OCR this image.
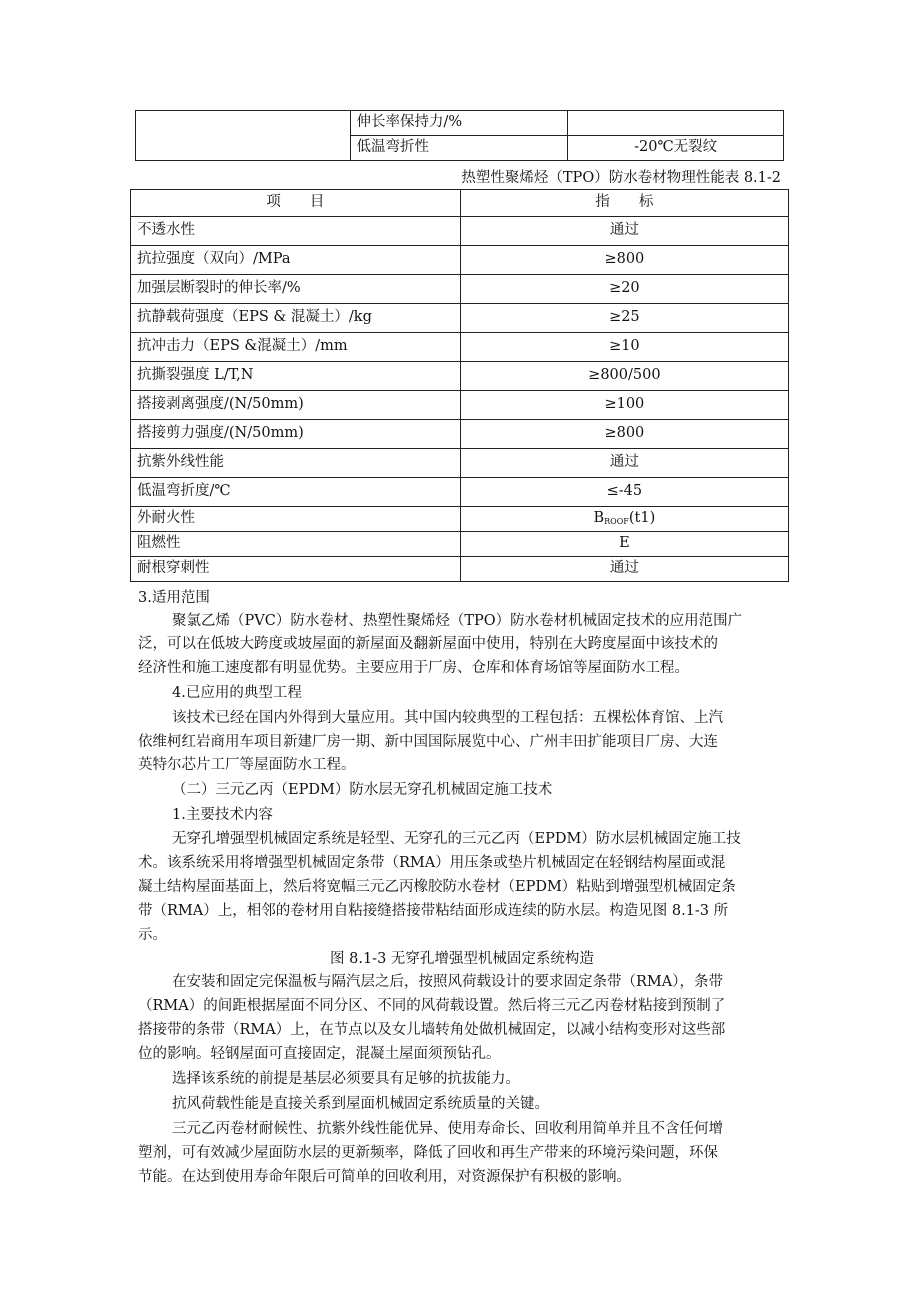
	伸长率保持力/%	
	低温弯折性	-20℃无裂纹
热塑性聚烯烃（TPO）防水卷材物理性能表 8.1-2
项　　目	指　　标
不透水性	通过
抗拉强度（双向）/MPa	≥800
加强层断裂时的伸长率/%	≥20
抗静载荷强度（EPS & 混凝土）/kg	≥25
抗冲击力（EPS &混凝土）/mm	≥10
抗撕裂强度 L/T,N	≥800/500
搭接剥离强度/(N/50mm)	≥100
搭接剪力强度/(N/50mm)	≥800
抗紫外线性能	通过
低温弯折度/℃	≤-45
外耐火性	$B_{ROOF}(t1)$
阻燃性	E
耐根穿刺性	通过
3.适用范围
聚氯乙烯（PVC）防水卷材、热塑性聚烯烃（TPO）防水卷材机械固定技术的应用范围广
泛，可以在低坡大跨度或坡屋面的新屋面及翻新屋面中使用，特别在大跨度屋面中该技术的
经济性和施工速度都有明显优势。主要应用于厂房、仓库和体育场馆等屋面防水工程。
4.已应用的典型工程
该技术已经在国内外得到大量应用。其中国内较典型的工程包括：五棵松体育馆、上汽
依维柯红岩商用车项目新建厂房一期、新中国国际展览中心、广州丰田扩能项目厂房、大连
英特尔芯片工厂等屋面防水工程。
（二）三元乙丙（EPDM）防水层无穿孔机械固定施工技术
1.主要技术内容
无穿孔增强型机械固定系统是轻型、无穿孔的三元乙丙（EPDM）防水层机械固定施工技
术。该系统采用将增强型机械固定条带（RMA）用压条或垫片机械固定在轻钢结构屋面或混
凝土结构屋面基面上，然后将宽幅三元乙丙橡胶防水卷材（EPDM）粘贴到增强型机械固定条
带（RMA）上，相邻的卷材用自粘接缝搭接带粘结面形成连续的防水层。构造见图 8.1-3 所
示。
图 8.1-3 无穿孔增强型机械固定系统构造
在安装和固定完保温板与隔汽层之后，按照风荷载设计的要求固定条带（RMA），条带
（RMA）的间距根据屋面不同分区、不同的风荷载设置。然后将三元乙丙卷材粘接到预制了
搭接带的条带（RMA）上，在节点以及女儿墙转角处做机械固定，以减小结构变形对这些部
位的影响。轻钢屋面可直接固定，混凝土屋面须预钻孔。
选择该系统的前提是基层必须要具有足够的抗拔能力。
抗风荷载性能是直接关系到屋面机械固定系统质量的关键。
三元乙丙卷材耐候性、抗紫外线性能优异、使用寿命长、回收利用简单并且不含任何增
塑剂，可有效减少屋面防水层的更新频率，降低了回收和再生产带来的环境污染问题，环保
节能。在达到使用寿命年限后可简单的回收利用，对资源保护有积极的影响。
